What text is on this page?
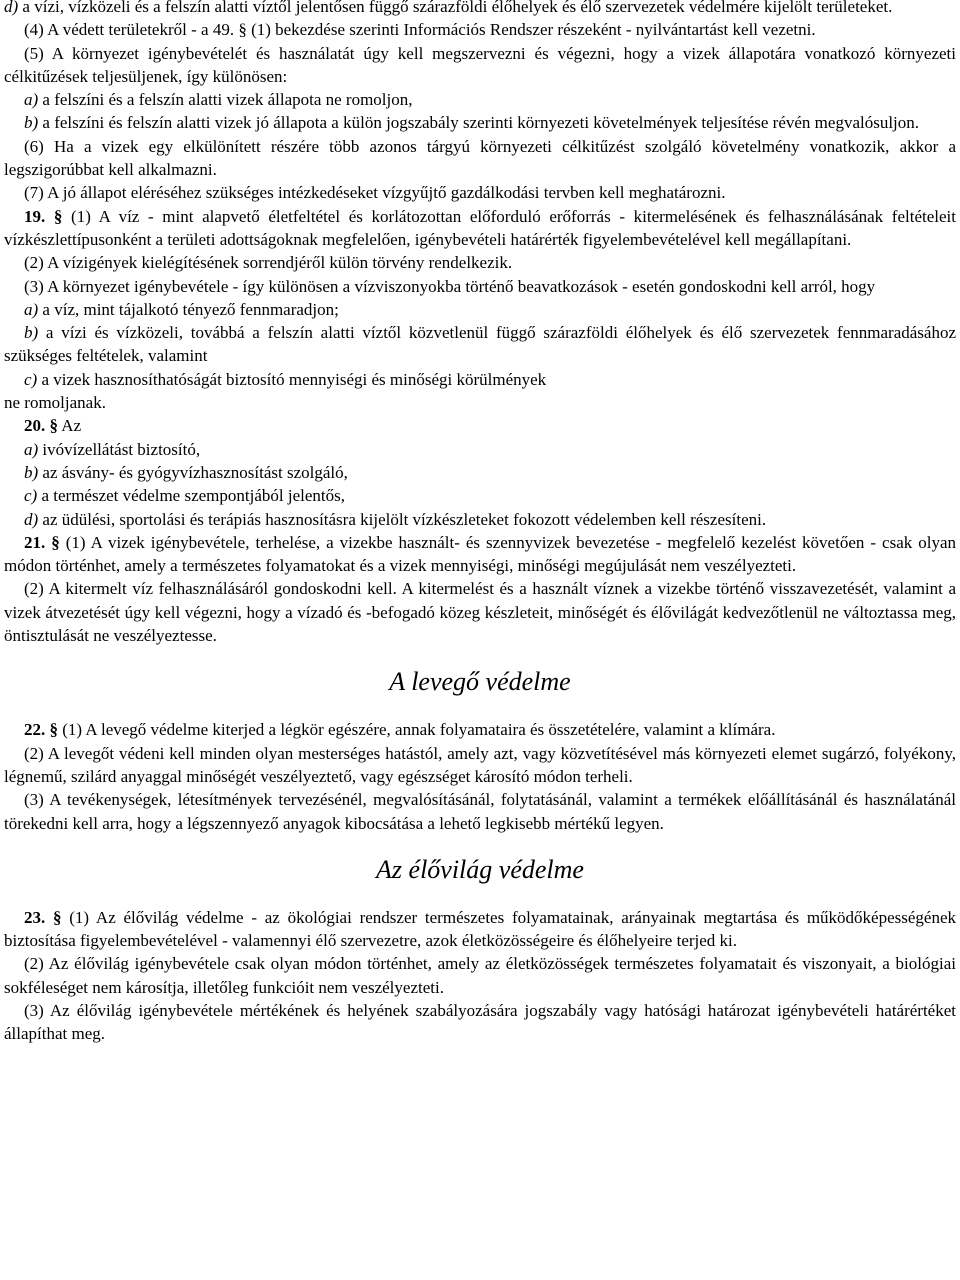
d) a vízi, vízközeli és a felszín alatti víztől jelentősen függő szárazföldi élőhelyek és élő szervezetek védelmére kijelölt területeket.

(4) A védett területekről - a 49. § (1) bekezdése szerinti Információs Rendszer részeként - nyilvántartást kell vezetni.

(5) A környezet igénybevételét és használatát úgy kell megszervezni és végezni, hogy a vizek állapotára vonatkozó környezeti célkitűzések teljesüljenek, így különösen:

a) a felszíni és a felszín alatti vizek állapota ne romoljon,

b) a felszíni és felszín alatti vizek jó állapota a külön jogszabály szerinti környezeti követelmények teljesítése révén megvalósuljon.

(6) Ha a vizek egy elkülönített részére több azonos tárgyú környezeti célkitűzést szolgáló követelmény vonatkozik, akkor a legszigorúbbat kell alkalmazni.

(7) A jó állapot eléréséhez szükséges intézkedéseket vízgyűjtő gazdálkodási tervben kell meghatározni.

19. § (1) A víz - mint alapvető életfeltétel és korlátozottan előforduló erőforrás - kitermelésének és felhasználásának feltételeit vízkészlettípusonként a területi adottságoknak megfelelően, igénybevételi határérték figyelembevételével kell megállapítani.

(2) A vízigények kielégítésének sorrendjéről külön törvény rendelkezik.

(3) A környezet igénybevétele - így különösen a vízviszonyokba történő beavatkozások - esetén gondoskodni kell arról, hogy

a) a víz, mint tájalkotó tényező fennmaradjon;

b) a vízi és vízközeli, továbbá a felszín alatti víztől közvetlenül függő szárazföldi élőhelyek és élő szervezetek fennmaradásához szükséges feltételek, valamint

c) a vizek hasznosíthatóságát biztosító mennyiségi és minőségi körülmények

ne romoljanak.

20. § Az

a) ivóvízellátást biztosító,

b) az ásvány- és gyógyvízhasznosítást szolgáló,

c) a természet védelme szempontjából jelentős,

d) az üdülési, sportolási és terápiás hasznosításra kijelölt vízkészleteket fokozott védelemben kell részesíteni.

21. § (1) A vizek igénybevétele, terhelése, a vizekbe használt- és szennyvizek bevezetése - megfelelő kezelést követően - csak olyan módon történhet, amely a természetes folyamatokat és a vizek mennyiségi, minőségi megújulását nem veszélyezteti.

(2) A kitermelt víz felhasználásáról gondoskodni kell. A kitermelést és a használt víznek a vizekbe történő visszavezetését, valamint a vizek átvezetését úgy kell végezni, hogy a vízadó és -befogadó közeg készleteit, minőségét és élővilágát kedvezőtlenül ne változtassa meg, öntisztulását ne veszélyeztesse.

A levegő védelme

22. § (1) A levegő védelme kiterjed a légkör egészére, annak folyamataira és összetételére, valamint a klímára.

(2) A levegőt védeni kell minden olyan mesterséges hatástól, amely azt, vagy közvetítésével más környezeti elemet sugárzó, folyékony, légnemű, szilárd anyaggal minőségét veszélyeztető, vagy egészséget károsító módon terheli.

(3) A tevékenységek, létesítmények tervezésénél, megvalósításánál, folytatásánál, valamint a termékek előállításánál és használatánál törekedni kell arra, hogy a légszennyező anyagok kibocsátása a lehető legkisebb mértékű legyen.

Az élővilág védelme

23. § (1) Az élővilág védelme - az ökológiai rendszer természetes folyamatainak, arányainak megtartása és működőképességének biztosítása figyelembevételével - valamennyi élő szervezetre, azok életközösségeire és élőhelyeire terjed ki.

(2) Az élővilág igénybevétele csak olyan módon történhet, amely az életközösségek természetes folyamatait és viszonyait, a biológiai sokféleséget nem károsítja, illetőleg funkcióit nem veszélyezteti.

(3) Az élővilág igénybevétele mértékének és helyének szabályozására jogszabály vagy hatósági határozat igénybevételi határértéket állapíthat meg.
